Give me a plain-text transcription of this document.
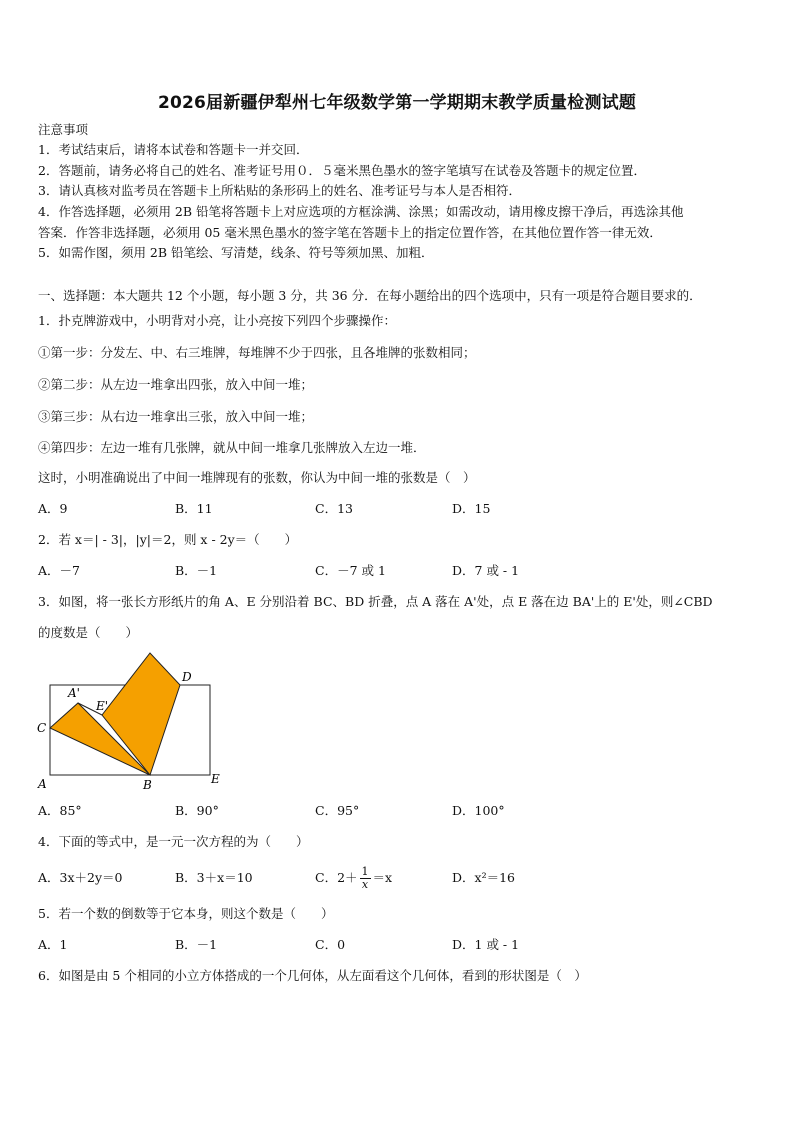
2026届新疆伊犁州七年级数学第一学期期末教学质量检测试题
注意事项
1．考试结束后，请将本试卷和答题卡一并交回．
2．答题前，请务必将自己的姓名、准考证号用０．５毫米黑色墨水的签字笔填写在试卷及答题卡的规定位置．
3．请认真核对监考员在答题卡上所粘贴的条形码上的姓名、准考证号与本人是否相符．
4．作答选择题，必须用 2B 铅笔将答题卡上对应选项的方框涂满、涂黑；如需改动，请用橡皮擦干净后，再选涂其他
答案．作答非选择题，必须用 05 毫米黑色墨水的签字笔在答题卡上的指定位置作答，在其他位置作答一律无效．
5．如需作图，须用 2B 铅笔绘、写清楚，线条、符号等须加黑、加粗．
一、选择题：本大题共 12 个小题，每小题 3 分，共 36 分．在每小题给出的四个选项中，只有一项是符合题目要求的．
1．扑克牌游戏中，小明背对小亮，让小亮按下列四个步骤操作：
①第一步：分发左、中、右三堆牌，每堆牌不少于四张，且各堆牌的张数相同；
②第二步：从左边一堆拿出四张，放入中间一堆；
③第三步：从右边一堆拿出三张，放入中间一堆；
④第四步：左边一堆有几张牌，就从中间一堆拿几张牌放入左边一堆．
这时，小明准确说出了中间一堆牌现有的张数，你认为中间一堆的张数是（　）
A．9	B．11	C．13	D．15
2．若 x＝| - 3|，|y|＝2，则 x - 2y＝（　　）
A．－7	B．－1	C．－7 或 1	D．7 或 - 1
3．如图，将一张长方形纸片的角 A、E 分别沿着 BC、BD 折叠，点 A 落在 A'处，点 E 落在边 BA'上的 E'处，则∠CBD
的度数是（　　）
A'
E'
C
D
A	B	E
A．85°	B．90°	C．95°	D．100°
4．下面的等式中，是一元一次方程的为（　　）
A．3x＋2y＝0	B．3＋x＝10	C．$2+ \frac{1}{x} =x$	D．x²＝16
5．若一个数的倒数等于它本身，则这个数是（　　）
A．1	B．－1	C．0	D．1 或 - 1
6．如图是由 5 个相同的小立方体搭成的一个几何体，从左面看这个几何体，看到的形状图是（　）
